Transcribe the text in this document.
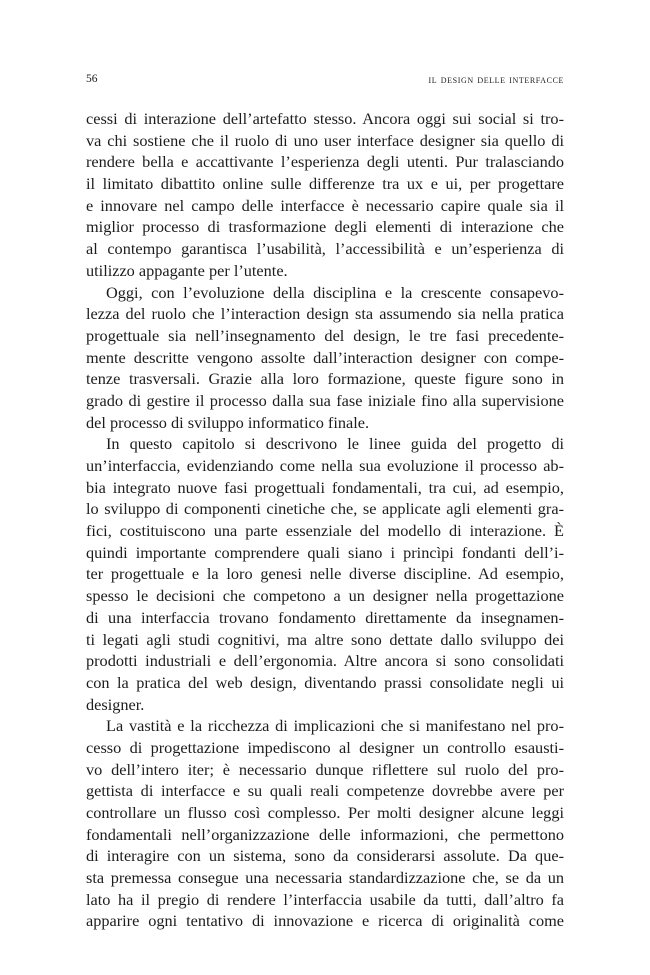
56	il design delle interfacce
cessi di interazione dell’artefatto stesso. Ancora oggi sui social si tro-
va chi sostiene che il ruolo di uno user interface designer sia quello di
rendere bella e accattivante l’esperienza degli utenti. Pur tralasciando
il limitato dibattito online sulle differenze tra ux e ui, per progettare
e innovare nel campo delle interfacce è necessario capire quale sia il
miglior processo di trasformazione degli elementi di interazione che
al contempo garantisca l’usabilità, l’accessibilità e un’esperienza di
utilizzo appagante per l’utente.
Oggi, con l’evoluzione della disciplina e la crescente consapevo-
lezza del ruolo che l’interaction design sta assumendo sia nella pratica
progettuale sia nell’insegnamento del design, le tre fasi precedente-
mente descritte vengono assolte dall’interaction designer con compe-
tenze trasversali. Grazie alla loro formazione, queste figure sono in
grado di gestire il processo dalla sua fase iniziale fino alla supervisione
del processo di sviluppo informatico finale.
In questo capitolo si descrivono le linee guida del progetto di
un’interfaccia, evidenziando come nella sua evoluzione il processo ab-
bia integrato nuove fasi progettuali fondamentali, tra cui, ad esempio,
lo sviluppo di componenti cinetiche che, se applicate agli elementi gra-
fici, costituiscono una parte essenziale del modello di interazione. È
quindi importante comprendere quali siano i princìpi fondanti dell’i-
ter progettuale e la loro genesi nelle diverse discipline. Ad esempio,
spesso le decisioni che competono a un designer nella progettazione
di una interfaccia trovano fondamento direttamente da insegnamen-
ti legati agli studi cognitivi, ma altre sono dettate dallo sviluppo dei
prodotti industriali e dell’ergonomia. Altre ancora si sono consolidati
con la pratica del web design, diventando prassi consolidate negli ui
designer.
La vastità e la ricchezza di implicazioni che si manifestano nel pro-
cesso di progettazione impediscono al designer un controllo esausti-
vo dell’intero iter; è necessario dunque riflettere sul ruolo del pro-
gettista di interfacce e su quali reali competenze dovrebbe avere per
controllare un flusso così complesso. Per molti designer alcune leggi
fondamentali nell’organizzazione delle informazioni, che permettono
di interagire con un sistema, sono da considerarsi assolute. Da que-
sta premessa consegue una necessaria standardizzazione che, se da un
lato ha il pregio di rendere l’interfaccia usabile da tutti, dall’altro fa
apparire ogni tentativo di innovazione e ricerca di originalità come
